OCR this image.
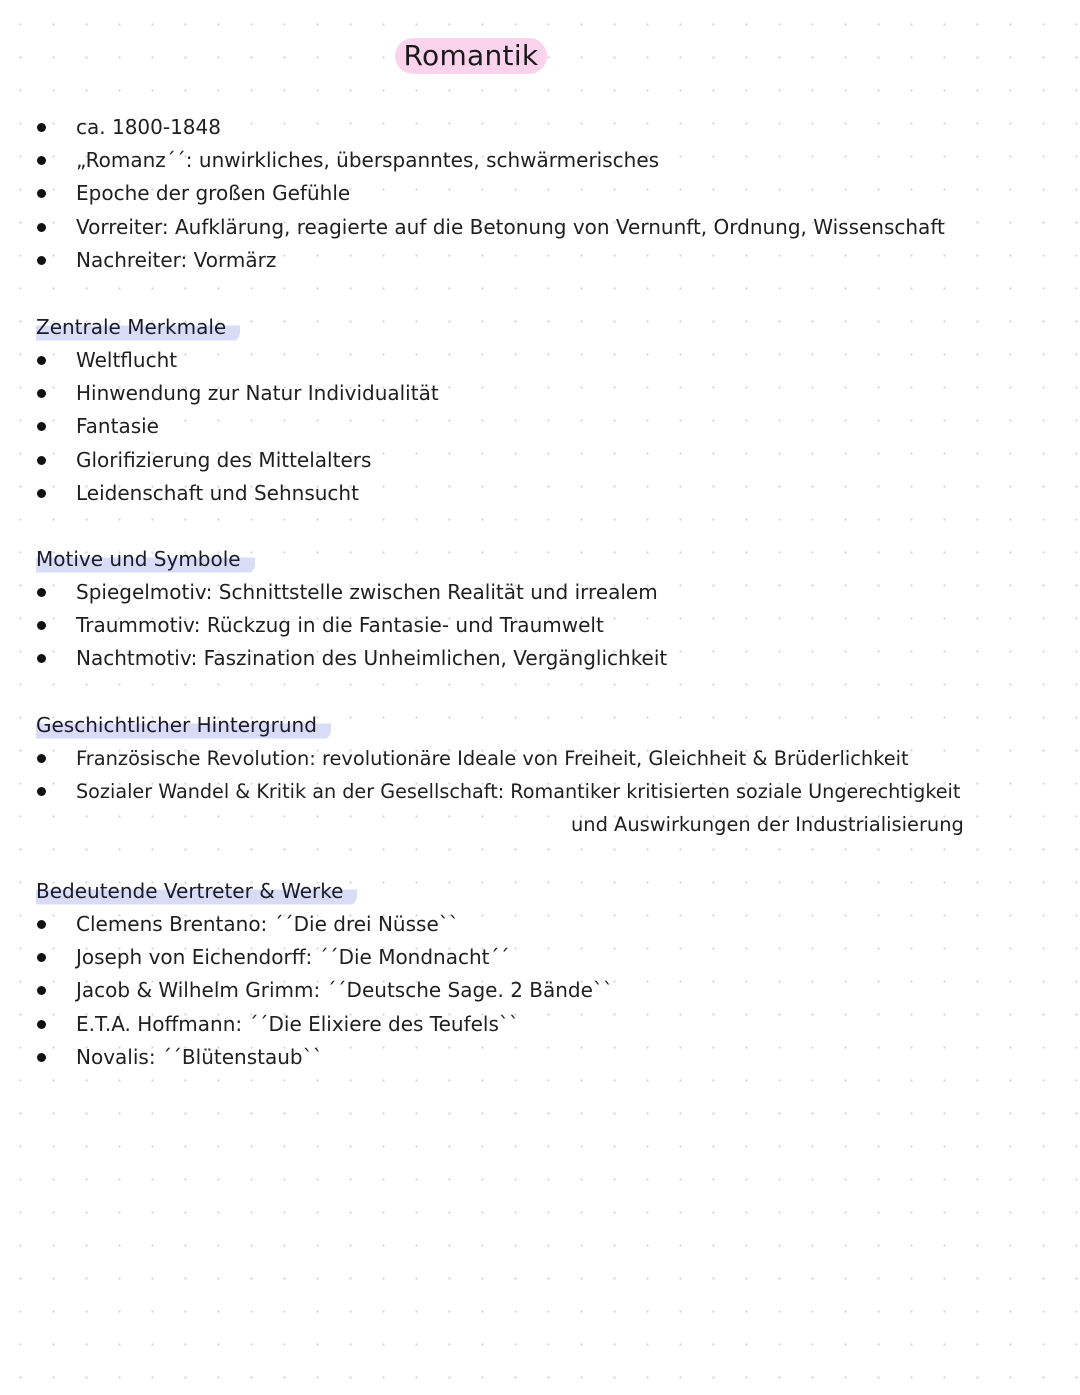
Romantik
ca. 1800-1848
„Romanz´´: unwirkliches, überspanntes, schwärmerisches
Epoche der großen Gefühle
Vorreiter: Aufklärung, reagierte auf die Betonung von Vernunft, Ordnung, Wissenschaft
Nachreiter: Vormärz
Zentrale Merkmale
Weltflucht
Hinwendung zur Natur Individualität
Fantasie
Glorifizierung des Mittelalters
Leidenschaft und Sehnsucht
Motive und Symbole
Spiegelmotiv: Schnittstelle zwischen Realität und irrealem
Traummotiv: Rückzug in die Fantasie- und Traumwelt
Nachtmotiv: Faszination des Unheimlichen, Vergänglichkeit
Geschichtlicher Hintergrund
Französische Revolution: revolutionäre Ideale von Freiheit, Gleichheit & Brüderlichkeit
Sozialer Wandel & Kritik an der Gesellschaft: Romantiker kritisierten soziale Ungerechtigkeit
und Auswirkungen der Industrialisierung
Bedeutende Vertreter & Werke
Clemens Brentano: ´´Die drei Nüsse``
Joseph von Eichendorff: ´´Die Mondnacht´´
Jacob & Wilhelm Grimm: ´´Deutsche Sage. 2 Bände``
E.T.A. Hoffmann: ´´Die Elixiere des Teufels``
Novalis: ´´Blütenstaub``
